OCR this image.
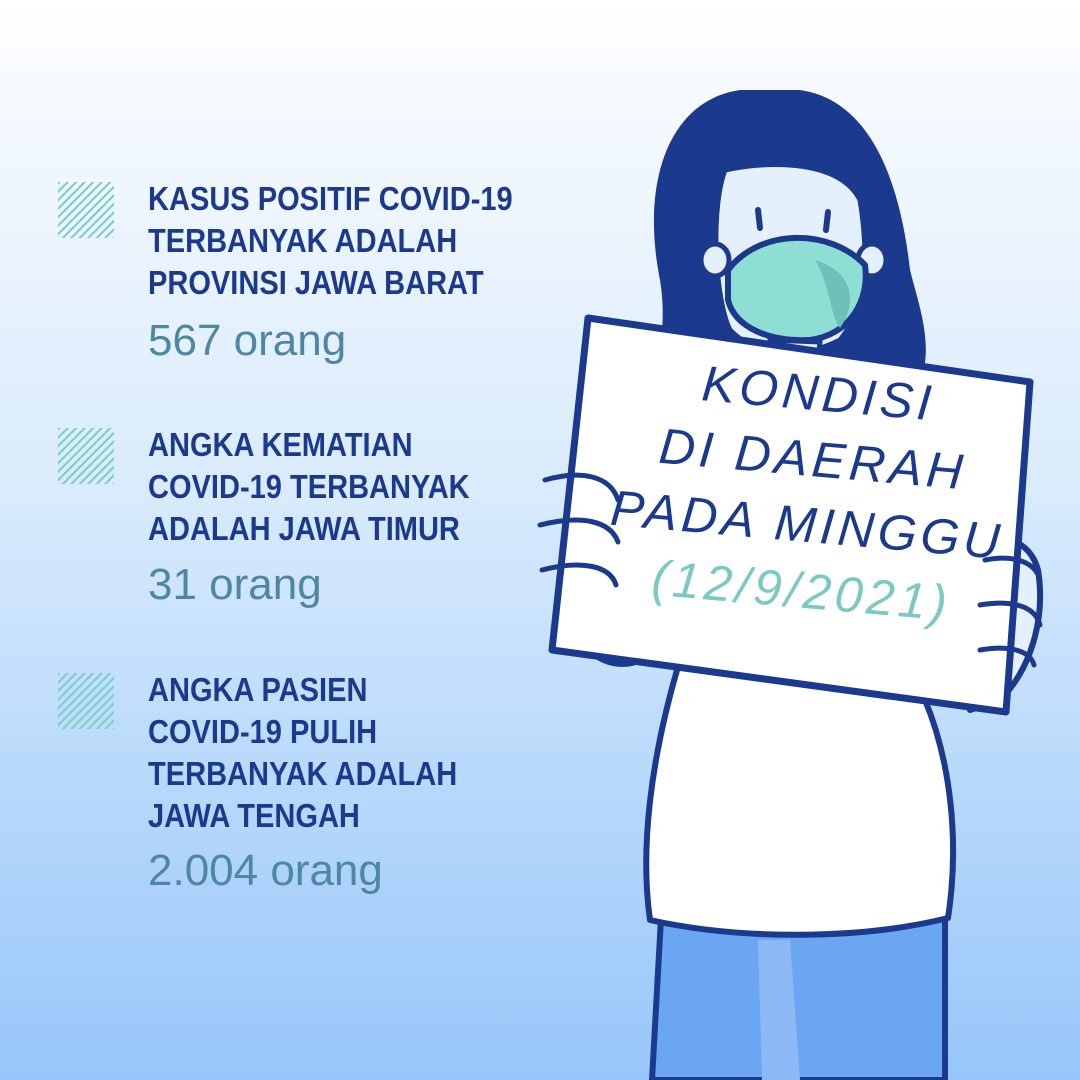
KASUS POSITIF COVID-19
TERBANYAK ADALAH
PROVINSI JAWA BARAT
567 orang
ANGKA KEMATIAN
COVID-19 TERBANYAK
ADALAH JAWA TIMUR
31 orang
ANGKA PASIEN
COVID-19 PULIH
TERBANYAK ADALAH
JAWA TENGAH
2.004 orang
KONDISI
DI DAERAH
PADA MINGGU
(12/9/2021)
